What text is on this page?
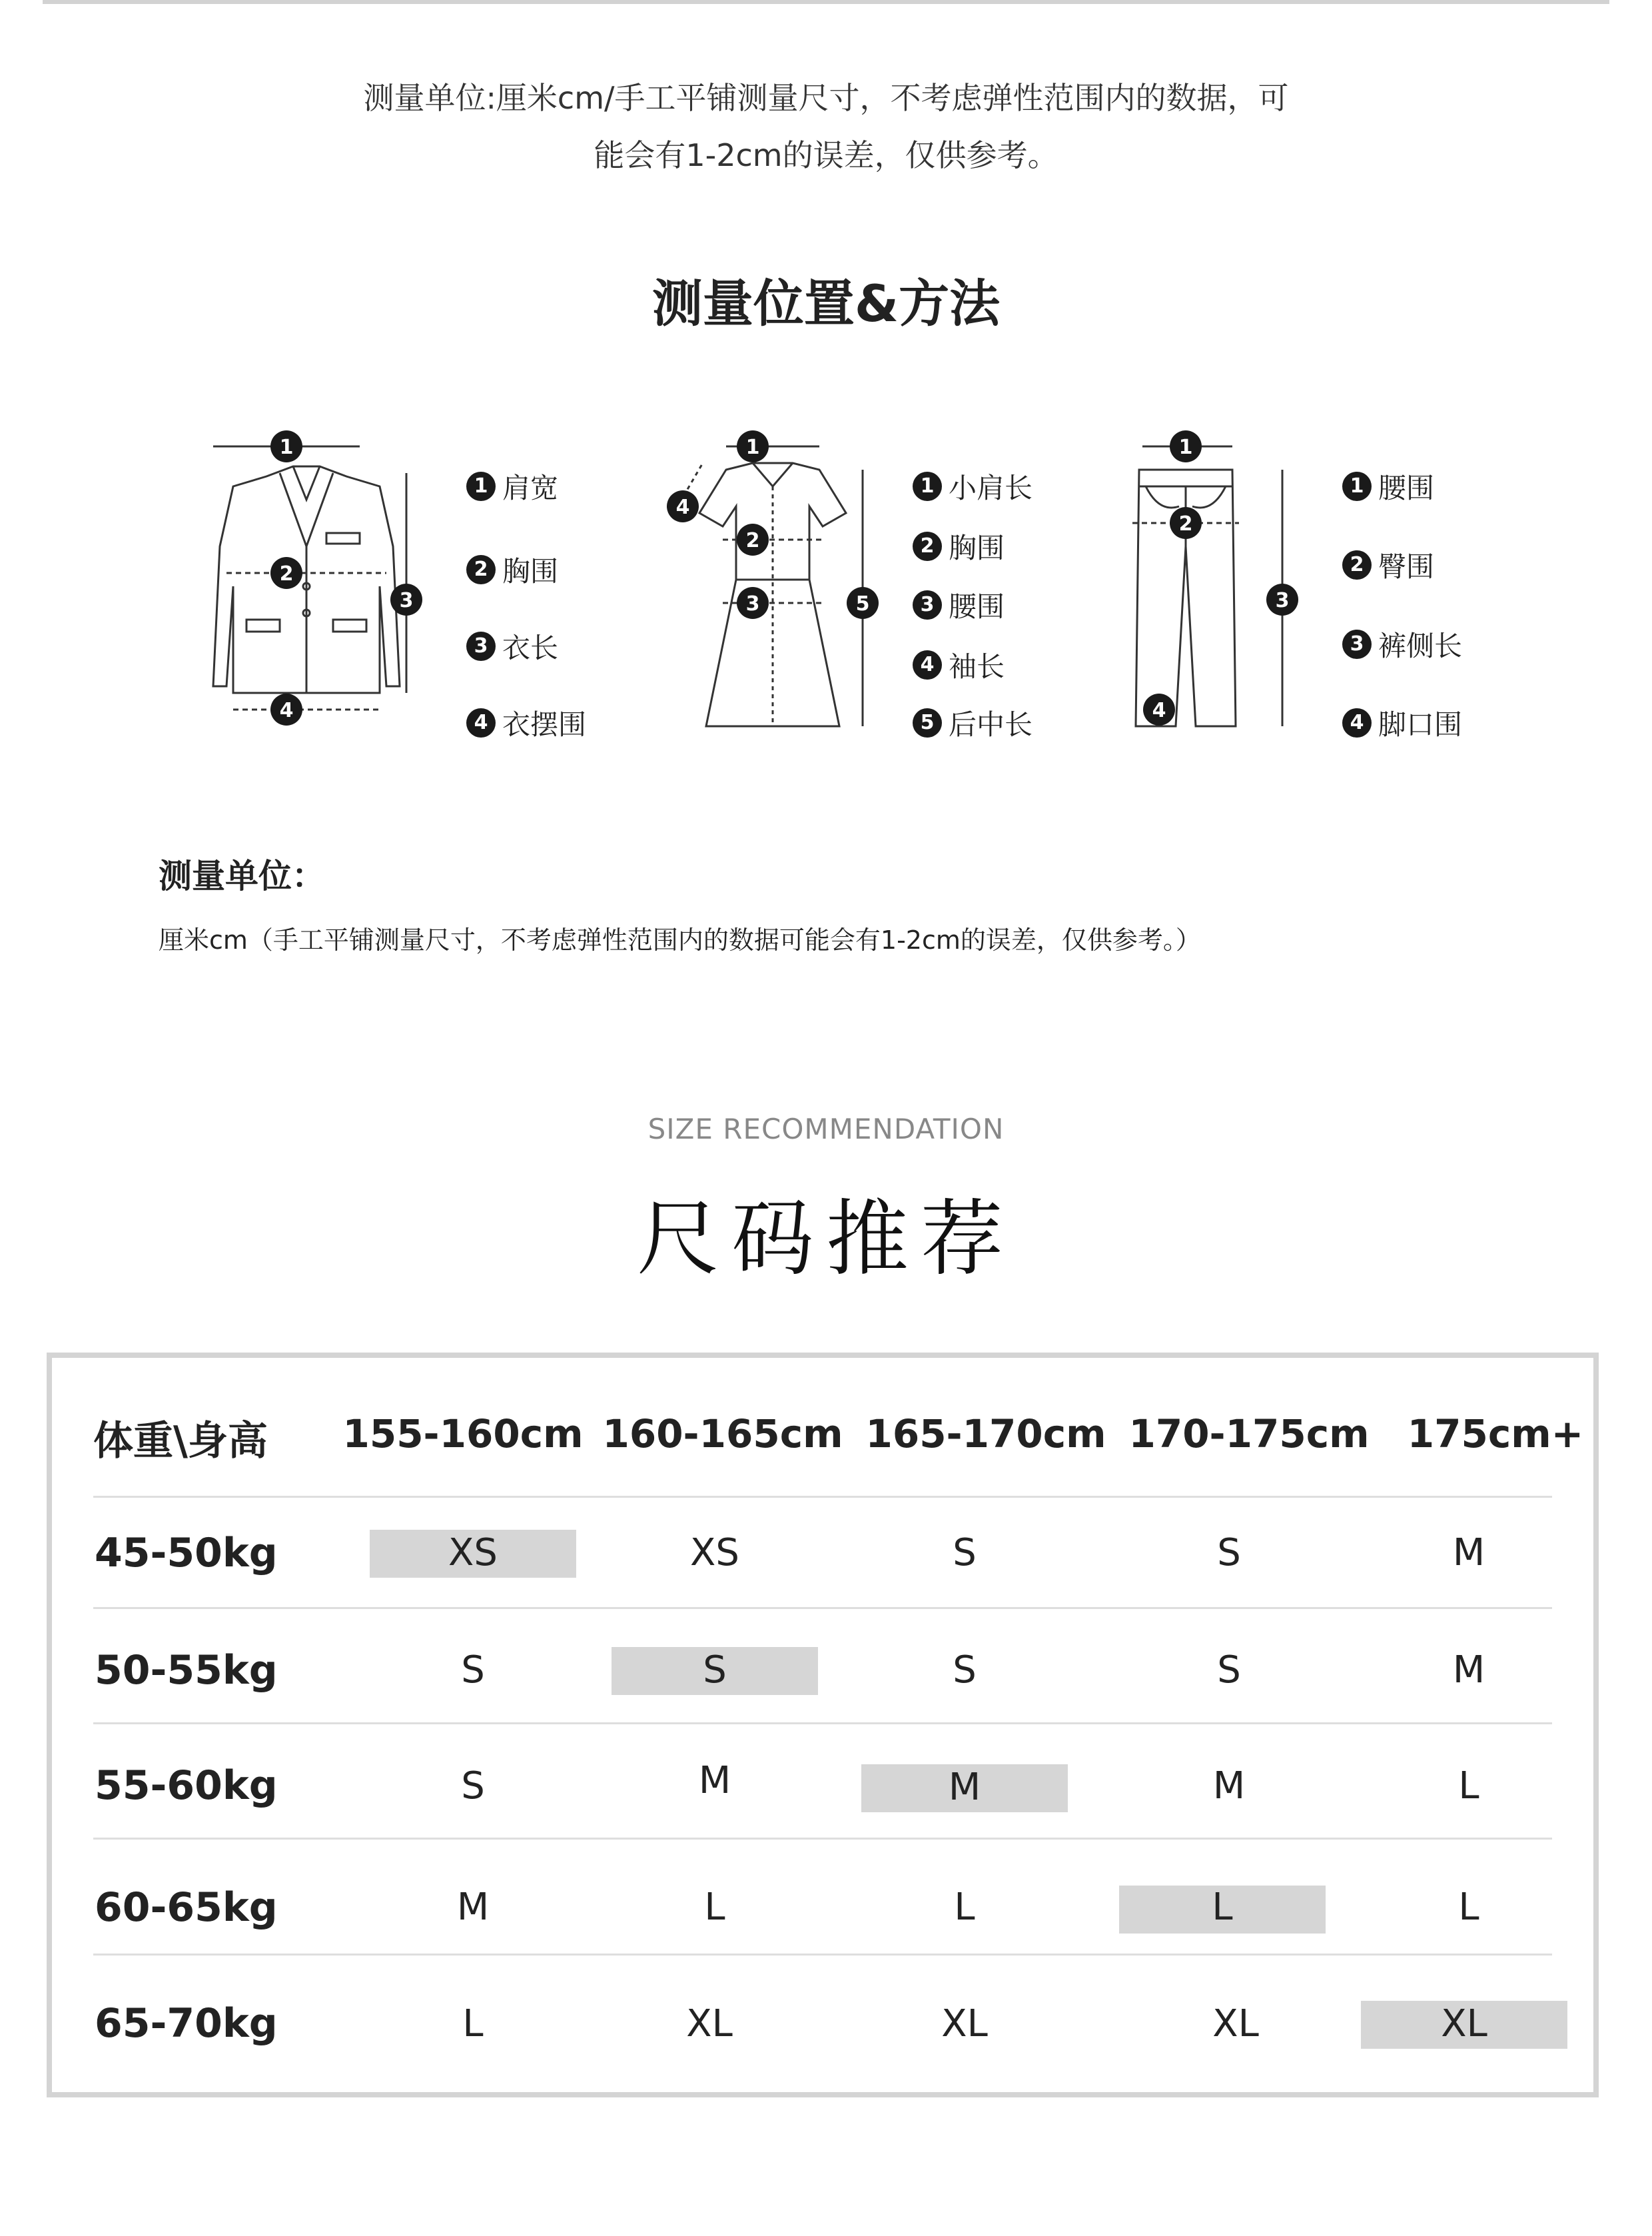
测量单位:厘米cm/手工平铺测量尺寸，不考虑弹性范围内的数据，可
能会有1-2cm的误差，仅供参考。
测量位置&方法
1
2
3
4
1 肩宽
2 胸围
3 衣长
4 衣摆围
1
2
3
4
5
1 小肩长
2 胸围
3 腰围
4 袖长
5 后中长
1
2
3
4
1 腰围
2 臀围
3 裤侧长
4 脚口围
测量单位：
厘米cm（手工平铺测量尺寸，不考虑弹性范围内的数据可能会有1-2cm的误差，仅供参考。）
SIZE RECOMMENDATION
尺码推荐
体重\身高 155-160cm 160-165cm 165-170cm 170-175cm 175cm+
45-50kg	XS	XS	S	S	M
50-55kg	S	S	S	S	M
55-60kg	S	M	M	M	L
60-65kg	M	L	L	L	L
65-70kg	L	XL	XL	XL	XL
